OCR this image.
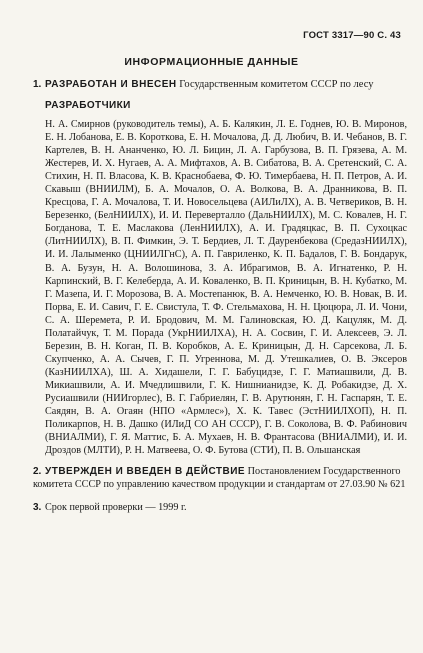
ГОСТ 3317—90 С. 43
ИНФОРМАЦИОННЫЕ ДАННЫЕ
1. РАЗРАБОТАН И ВНЕСЕН Государственным комитетом СССР по лесу
РАЗРАБОТЧИКИ
Н. А. Смирнов (руководитель темы), А. Б. Калякин, Л. Е. Годнев, Ю. В. Миронов, Е. Н. Лобанова, Е. В. Короткова, Е. Н. Мочалова, Д. Д. Любич, В. И. Чебанов, В. Г. Картелев, В. Н. Ананченко, Ю. Л. Бицин, Л. А. Гарбузова, В. П. Грязева, А. М. Жестерев, И. Х. Нугаев, А. А. Мифтахов, А. В. Сибатова, В. А. Сретенский, С. А. Стихин, Н. П. Власова, К. В. Краснобаева, Ф. Ю. Тимербаева, Н. П. Петров, А. И. Скавыш (ВНИИЛМ), Б. А. Мочалов, О. А. Волкова, В. А. Дранникова, В. П. Кресцова, Г. А. Мочалова, Т. И. Новосельцева (АИЛиЛХ), А. В. Четвериков, В. Н. Березенко, (БелНИИЛХ), И. И. Переверталло (ДальНИИЛХ), М. С. Ковалев, Н. Г. Богданова, Т. Е. Маслакова (ЛенНИИЛХ), А. И. Градяцкас, В. П. Сухоцкас (ЛитНИИЛХ), В. П. Фимкин, Э. Т. Бердиев, Л. Т. Дауренбекова (СредазНИИЛХ), И. И. Лалыменко (ЦНИИЛГнС), А. П. Гавриленко, К. П. Бадалов, Г. В. Бондарук, В. А. Бузун, Н. А. Волошинова, З. А. Ибрагимов, В. А. Игнатенко, Р. Н. Карпинский, В. Г. Келеберда, А. И. Коваленко, В. П. Криницын, В. Н. Кубатко, М. Г. Мазепа, И. Г. Морозова, В. А. Мостепанюк, В. А. Немченко, Ю. В. Новак, В. И. Порва, Е. И. Савич, Г. Е. Свистула, Т. Ф. Стельмахова, Н. Н. Цюцюра, Л. И. Чони, С. А. Шереметa, Р. И. Бродович, М. М. Галиновская, Ю. Д. Кацуляк, М. Д. Полатайчук, Т. М. Порада (УкрНИИЛХА), Н. А. Сосвин, Г. И. Алексеев, Э. Л. Березин, В. Н. Коган, П. В. Коробков, А. Е. Криницын, Д. Н. Сарсекова, Л. Б. Скупченко, А. А. Сычев, Г. П. Угреннова, М. Д. Утешкалиев, О. В. Эксеров (КазНИИЛХА), Ш. А. Хидашели, Г. Г. Бабуцидзе, Г. Г. Матиашвили, Д. В. Микиашвили, А. И. Мчедлишвили, Г. К. Нишнианидзе, К. Д. Робакидзе, Д. Х. Русиашвили (НИИгорлес), В. Г. Габриелян, Г. В. Арутюнян, Г. Н. Гаспарян, Т. Е. Саядян, В. А. Огаян (НПО «Армлес»), Х. К. Тавес (ЭстНИИЛХОП), Н. П. Поликарпов, Н. В. Дашко (ИЛиД СО АН СССР), Г. В. Соколова, В. Ф. Рабинович (ВНИАЛМИ), Г. Я. Маттис, Б. А. Мухаев, Н. В. Франтасова (ВНИАЛМИ), И. И. Дроздов (МЛТИ), Р. Н. Матвеева, О. Ф. Бутова (СТИ), П. В. Ольшанская
2. УТВЕРЖДЕН И ВВЕДЕН В ДЕЙСТВИЕ Постановлением Государственного комитета СССР по управлению качеством продукции и стандартам от 27.03.90 № 621
3. Срок первой проверки — 1999 г.
